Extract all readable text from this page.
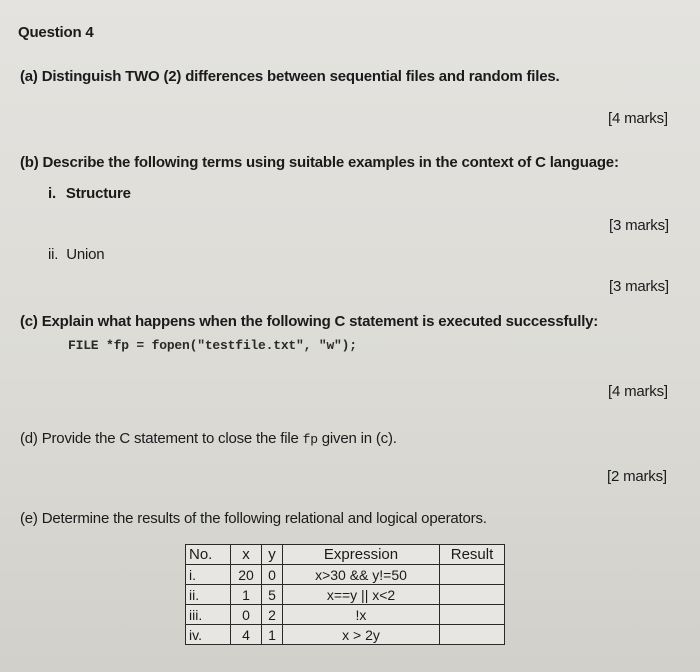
Question 4
(a) Distinguish TWO (2) differences between sequential files and random files.
[4 marks]
(b) Describe the following terms using suitable examples in the context of C language:
i. Structure
[3 marks]
ii. Union
[3 marks]
(c) Explain what happens when the following C statement is executed successfully:
FILE *fp = fopen("testfile.txt", "w");
[4 marks]
(d) Provide the C statement to close the file fp given in (c).
[2 marks]
(e) Determine the results of the following relational and logical operators.
No.	x	y	Expression	Result
i.	20	0	x>30 && y!=50	
ii.	1	5	x==y || x<2	
iii.	0	2	!x	
iv.	4	1	x > 2y	
